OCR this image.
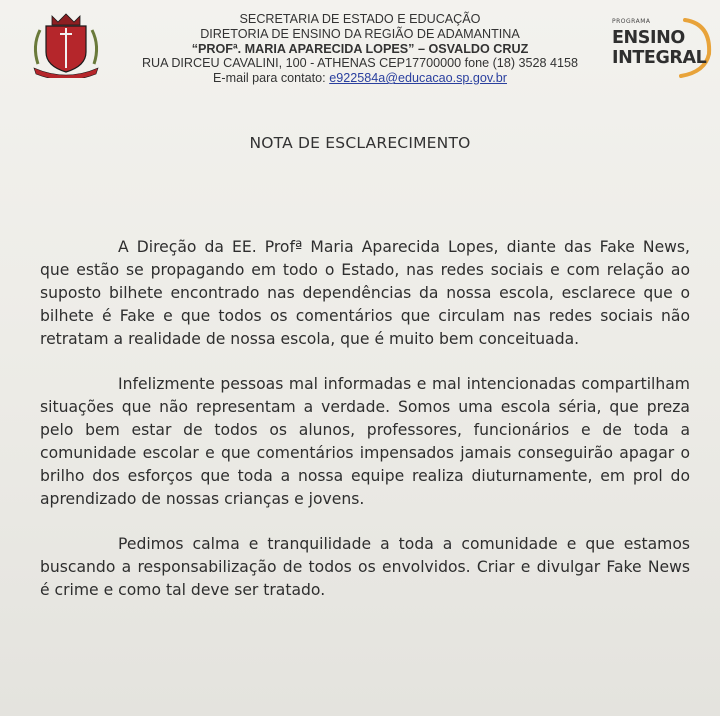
SECRETARIA DE ESTADO E EDUCAÇÃO
DIRETORIA DE ENSINO DA REGIÃO DE ADAMANTINA
“PROFª. MARIA APARECIDA LOPES” – OSVALDO CRUZ
RUA DIRCEU CAVALINI, 100 - ATHENAS CEP17700000 fone (18) 3528 4158
E-mail para contato: e922584a@educacao.sp.gov.br
PROGRAMA
ENSINO
INTEGRAL
NOTA DE ESCLARECIMENTO

A Direção da EE. Profª Maria Aparecida Lopes, diante das Fake News, que estão se propagando em todo o Estado, nas redes sociais e com relação ao suposto bilhete encontrado nas dependências da nossa escola, esclarece que o bilhete é Fake e que todos os comentários que circulam nas redes sociais não retratam a realidade de nossa escola, que é muito bem conceituada.

Infelizmente pessoas mal informadas e mal intencionadas compartilham situações que não representam a verdade. Somos uma escola séria, que preza pelo bem estar de todos os alunos, professores, funcionários e de toda a comunidade escolar e que comentários impensados jamais conseguirão apagar o brilho dos esforços que toda a nossa equipe realiza diuturnamente, em prol do aprendizado de nossas crianças e jovens.

Pedimos calma e tranquilidade a toda a comunidade e que estamos buscando a responsabilização de todos os envolvidos. Criar e divulgar Fake News é crime e como tal deve ser tratado.
